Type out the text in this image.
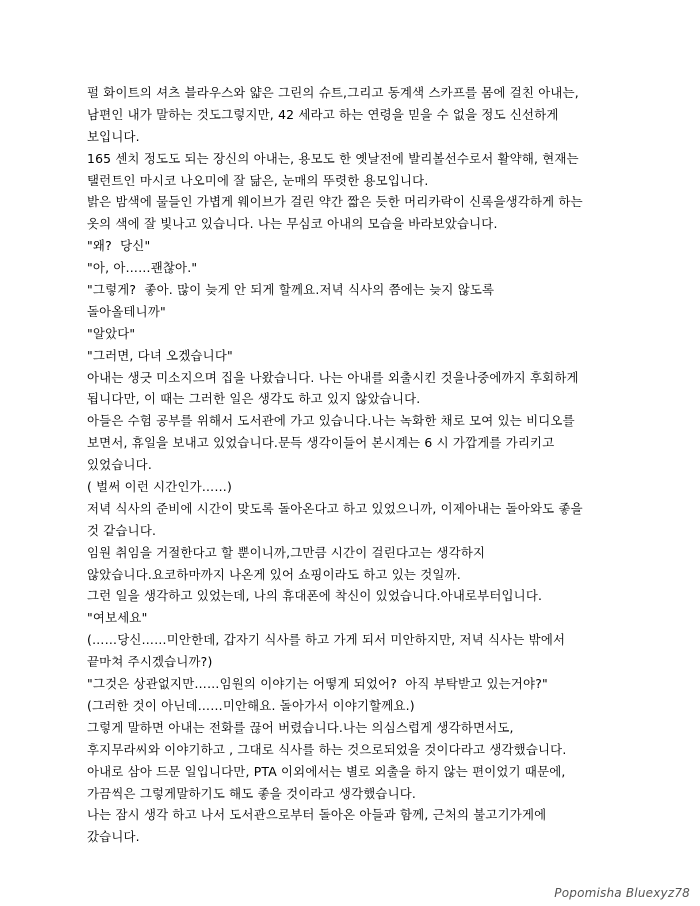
펄 화이트의 셔츠 블라우스와 얇은 그린의 슈트,그리고 동계색 스카프를 몸에 걸친 아내는,
남편인 내가 말하는 것도그렇지만, 42 세라고 하는 연령을 믿을 수 없을 정도 신선하게
보입니다.
165 센치 정도도 되는 장신의 아내는, 용모도 한 옛날전에 발리볼선수로서 활약해, 현재는
탤런트인 마시코 나오미에 잘 닮은, 눈매의 뚜렷한 용모입니다.
밝은 밤색에 물들인 가볍게 웨이브가 걸린 약간 짧은 듯한 머리카락이 신록을생각하게 하는
옷의 색에 잘 빛나고 있습니다. 나는 무심코 아내의 모습을 바라보았습니다.
"왜?  당신"
"아, 아……괜찮아."
"그렇게?  좋아. 많이 늦게 안 되게 할께요.저녁 식사의 쯤에는 늦지 않도록
돌아올테니까"
"알았다"
"그러면, 다녀 오겠습니다"
아내는 생긋 미소지으며 집을 나왔습니다. 나는 아내를 외출시킨 것을나중에까지 후회하게
됩니다만, 이 때는 그러한 일은 생각도 하고 있지 않았습니다.
아들은 수험 공부를 위해서 도서관에 가고 있습니다.나는 녹화한 채로 모여 있는 비디오를
보면서, 휴일을 보내고 있었습니다.문득 생각이들어 본시계는 6 시 가깝게를 가리키고
있었습니다.
( 벌써 이런 시간인가……)
저녁 식사의 준비에 시간이 맞도록 돌아온다고 하고 있었으니까, 이제아내는 돌아와도 좋을
것 같습니다.
임원 취임을 거절한다고 할 뿐이니까,그만큼 시간이 걸린다고는 생각하지
않았습니다.요코하마까지 나온게 있어 쇼핑이라도 하고 있는 것일까.
그런 일을 생각하고 있었는데, 나의 휴대폰에 착신이 있었습니다.아내로부터입니다.
"여보세요"
(……당신……미안한데, 갑자기 식사를 하고 가게 되서 미안하지만, 저녁 식사는 밖에서
끝마쳐 주시겠습니까?)
"그것은 상관없지만……임원의 이야기는 어떻게 되었어?  아직 부탁받고 있는거야?"
(그러한 것이 아닌데……미안해요. 돌아가서 이야기할께요.)
그렇게 말하면 아내는 전화를 끊어 버렸습니다.나는 의심스럽게 생각하면서도,
후지무라씨와 이야기하고 , 그대로 식사를 하는 것으로되었을 것이다라고 생각했습니다.
아내로 삼아 드문 일입니다만, PTA 이외에서는 별로 외출을 하지 않는 편이었기 때문에,
가끔씩은 그렇게말하기도 해도 좋을 것이라고 생각했습니다.
나는 잠시 생각 하고 나서 도서관으로부터 돌아온 아들과 함께, 근처의 불고기가게에
갔습니다.
Popomisha Bluexyz78
